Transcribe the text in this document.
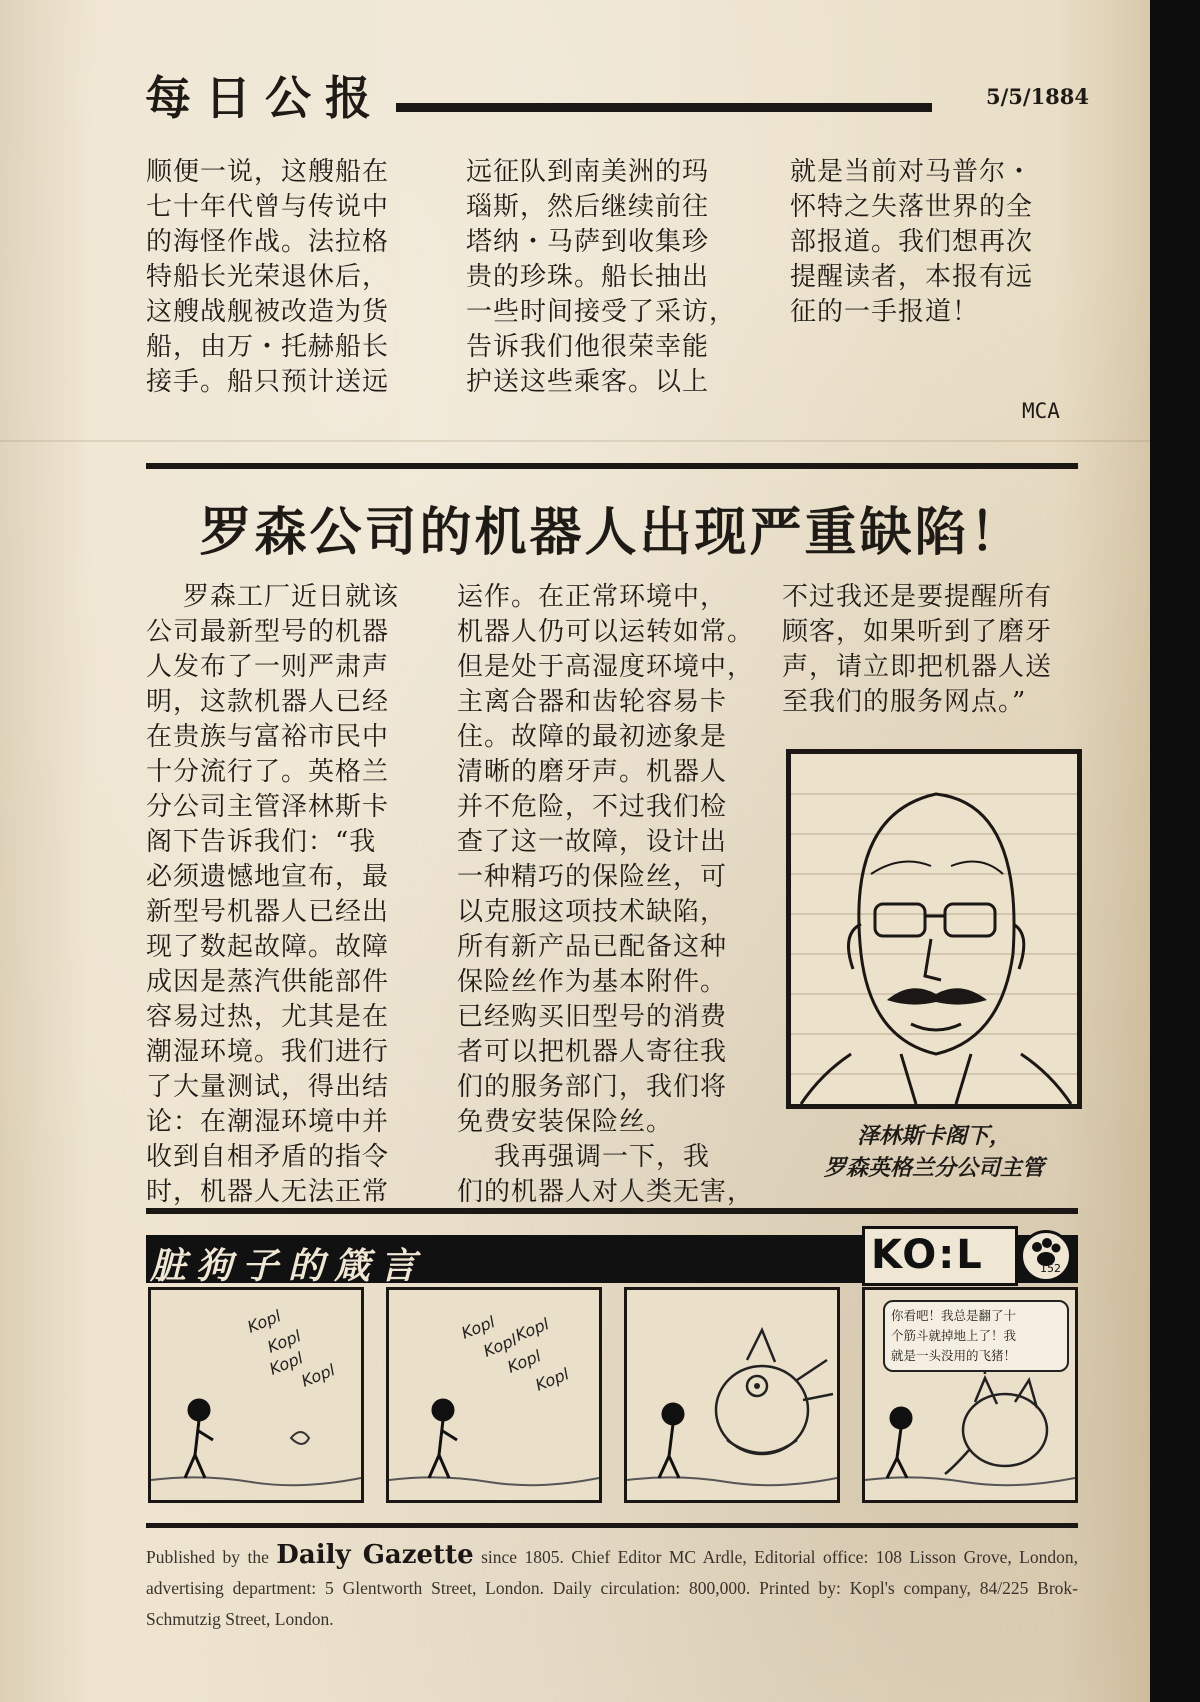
每日公报	5/5/1884
顺便一说，这艘船在
七十年代曾与传说中
的海怪作战。法拉格
特船长光荣退休后，
这艘战舰被改造为货
船，由万・托赫船长
接手。船只预计送远
远征队到南美洲的玛
瑙斯，然后继续前往
塔纳・马萨到收集珍
贵的珍珠。船长抽出
一些时间接受了采访，
告诉我们他很荣幸能
护送这些乘客。以上
就是当前对马普尔・
怀特之失落世界的全
部报道。我们想再次
提醒读者，本报有远
征的一手报道！
MCA
罗森公司的机器人出现严重缺陷！
罗森工厂近日就该
公司最新型号的机器
人发布了一则严肃声
明，这款机器人已经
在贵族与富裕市民中
十分流行了。英格兰
分公司主管泽林斯卡
阁下告诉我们：“我
必须遗憾地宣布，最
新型号机器人已经出
现了数起故障。故障
成因是蒸汽供能部件
容易过热，尤其是在
潮湿环境。我们进行
了大量测试，得出结
论：在潮湿环境中并
收到自相矛盾的指令
时，机器人无法正常
运作。在正常环境中，
机器人仍可以运转如常。
但是处于高湿度环境中，
主离合器和齿轮容易卡
住。故障的最初迹象是
清晰的磨牙声。机器人
并不危险，不过我们检
查了这一故障，设计出
一种精巧的保险丝，可
以克服这项技术缺陷，
所有新产品已配备这种
保险丝作为基本附件。
已经购买旧型号的消费
者可以把机器人寄往我
们的服务部门，我们将
免费安装保险丝。
我再强调一下，我
们的机器人对人类无害，
不过我还是要提醒所有
顾客，如果听到了磨牙
声，请立即把机器人送
至我们的服务网点。”
泽林斯卡阁下，
罗森英格兰分公司主管
脏狗子的箴言	KO:L	152
Kopl
Kopl
Kopl
Kopl
Kopl
Kopl
Kopl
Kopl
Kopl
你看吧！我总是翻了十
个筋斗就掉地上了！我
就是一头没用的飞猪！
Published by the Daily Gazette since 1805. Chief Editor MC Ardle, Editorial office: 108 Lisson Grove, London, advertising department: 5 Glentworth Street, London. Daily circulation: 800,000. Printed by: Kopl's company, 84/225 Brok-Schmutzig Street, London.
